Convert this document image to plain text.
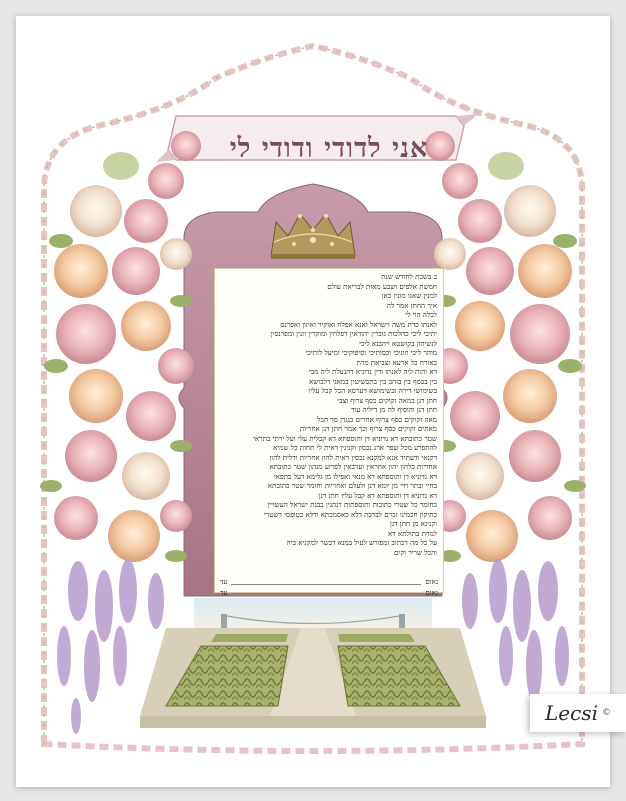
אני לדודי ודודי לי
ב בשבת לחודש שנת
חמשת אלפים ושבע מאות לבריאת עולם
למנין שאנו מונין כאן
איך החתן אמר לה
לכלה הוי לי
לאנתו כדת משה וישראל ואנא אפלח ואוקיר ואיזון ואפרנס
יתיכי ליכי כהלכות גוברין יהודאין דפלחין ומוקרין וזנין ומפרנסין
לנשיהון בקושטא ויהבנא ליכי
מוהר ליכי וזוניכי וכסותיכי וסיפוקיכי ומיעל לותיכי
כאורח כל ארעא וצביאת מרת
דא והות ליה לאנתו ודין נדוניא דהנעלת ליה מבי
בין בכסף בין בזהב בין בתכשיטין במאני דלבושא
בשימושי דירה ובשימושא דערסא הכל קבל עליו
חתן דנן במאה זקוקים כסף צרוף וצבי
חתן דנן והוסיף לה מן דיליה עוד
מאה זקוקים כסף צרוף אחרים כנגדן סך הכל
מאתים זקוקים כסף צרוף וכך אמר חתן דנן אחריות
שטר כתובתא דא נדוניא דן ותוספתא דא קבלית עלי ועל ירתי בתראי
להתפרע מכל שפר ארג נכסין וקנינין דאית לי תחות כל שמיא
דקנאי ודעתיד אנא למקנא נכסין דאית להון אחריות ודלית להון
אחריות כלהון יהון אחראין וערבאין לפרוע מנהון שטר כתובתא
דא נדוניא דן ותוספתא דא מנאי ואפילו מן גלימא דעל כתפאי
בחיי ובתר חיי מן יומא דנן ולעלם ואחריות וחומר שטר כתובתא
דא נדוניא דן ותוספתא דא קבל עליו חתן דנן
כחומר כל שטרי כתובות ותוספתות דנהגין בבנת ישראל העשויין
כתיקון חכמינו זכרם לברכה דלא כאסמכתא ודלא כטופסי דשטרי
וקנינא מן חתן דנן
למרת בתולתא דא
על כל מה דכתוב ומפורש לעיל במנא דכשר למקניא ביה
והכל שריר וקים
נאום
עד
נאום
עד
Lecsi ©
